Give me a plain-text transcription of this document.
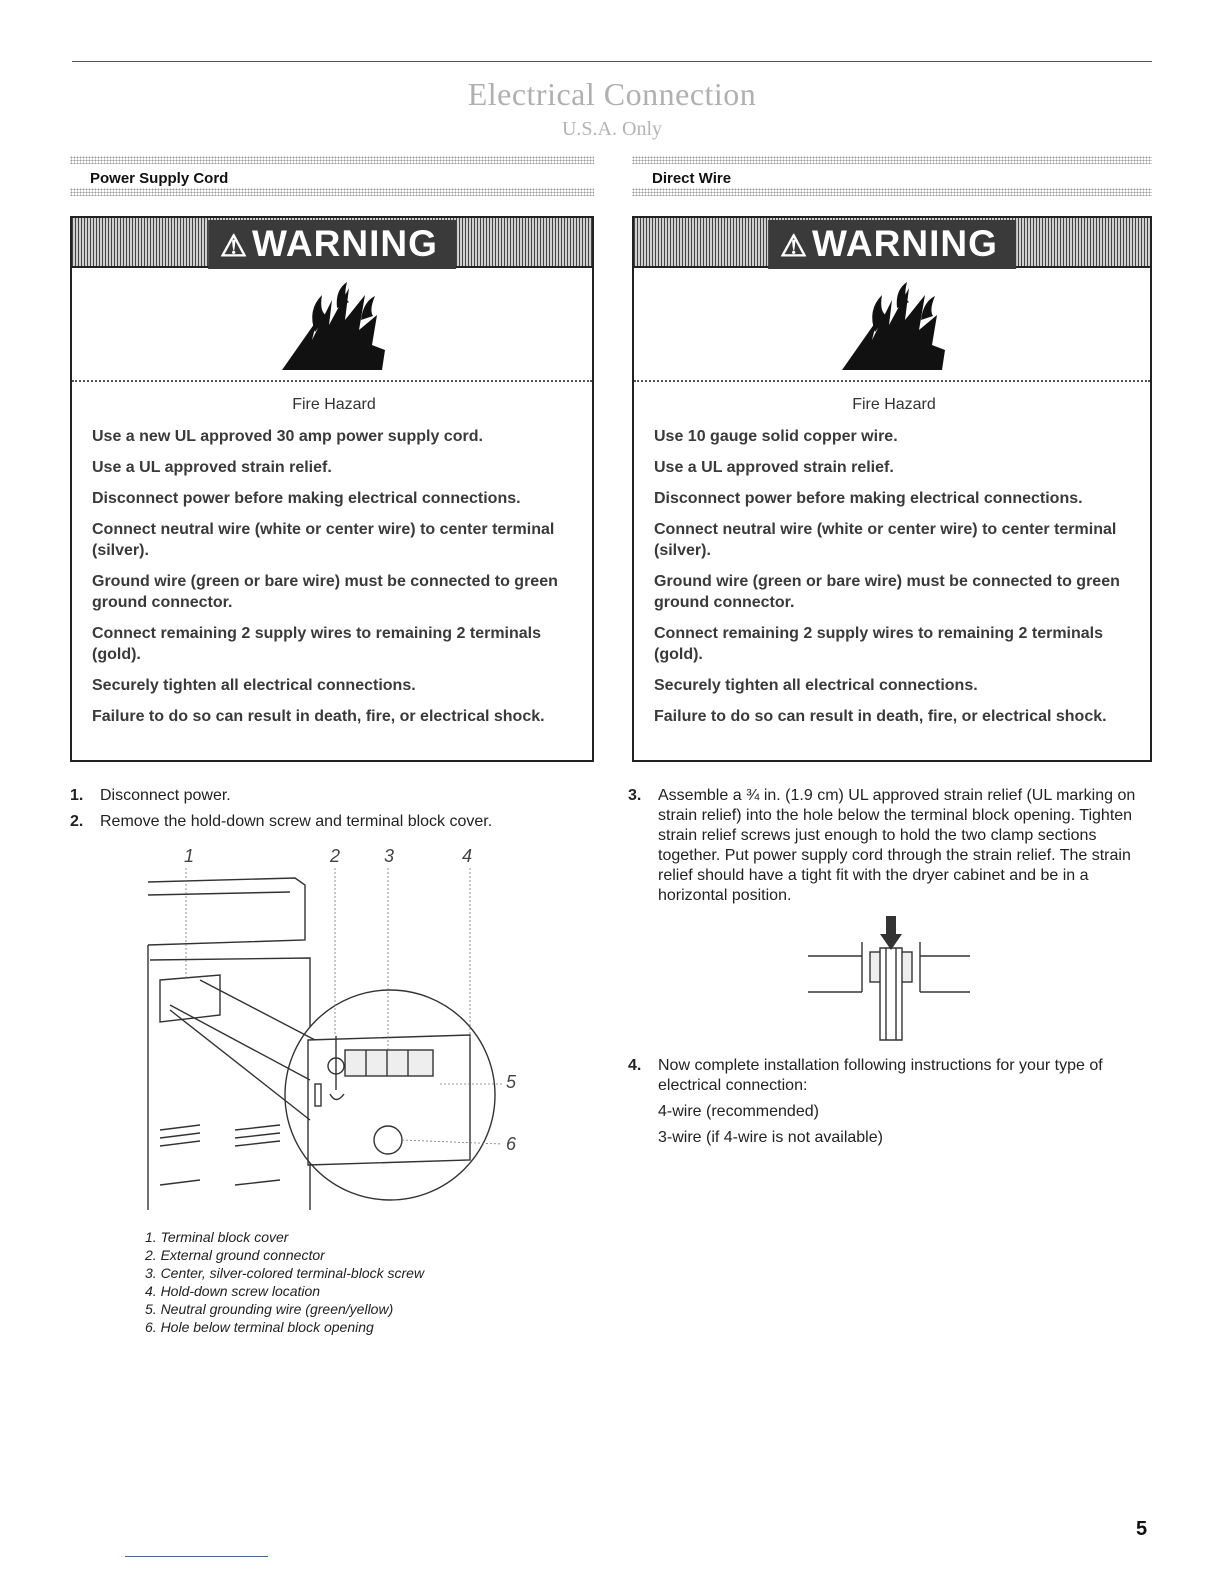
Electrical Connection
U.S.A. Only
Power Supply Cord	Direct Wire
⚠ WARNING
Fire Hazard

Use a new UL approved 30 amp power supply cord.

Use a UL approved strain relief.

Disconnect power before making electrical connections.

Connect neutral wire (white or center wire) to center terminal (silver).

Ground wire (green or bare wire) must be connected to green ground connector.

Connect remaining 2 supply wires to remaining 2 terminals (gold).

Securely tighten all electrical connections.

Failure to do so can result in death, fire, or electrical shock.

⚠ WARNING
Fire Hazard

Use 10 gauge solid copper wire.

Use a UL approved strain relief.

Disconnect power before making electrical connections.

Connect neutral wire (white or center wire) to center terminal (silver).

Ground wire (green or bare wire) must be connected to green ground connector.

Connect remaining 2 supply wires to remaining 2 terminals (gold).

Securely tighten all electrical connections.

Failure to do so can result in death, fire, or electrical shock.

1.	Disconnect power.
2.	Remove the hold-down screw and terminal block cover.
1	2 3	4
5
6
1. Terminal block cover
2. External ground connector
3. Center, silver-colored terminal-block screw
4. Hold-down screw location
5. Neutral grounding wire (green/yellow)
6. Hole below terminal block opening
3.	Assemble a ¾ in. (1.9 cm) UL approved strain relief (UL marking on strain relief) into the hole below the terminal block opening. Tighten strain relief screws just enough to hold the two clamp sections together. Put power supply cord through the strain relief. The strain relief should have a tight fit with the dryer cabinet and be in a horizontal position.
4.	Now complete installation following instructions for your type of electrical connection:
4-wire (recommended)
3-wire (if 4-wire is not available)
5
